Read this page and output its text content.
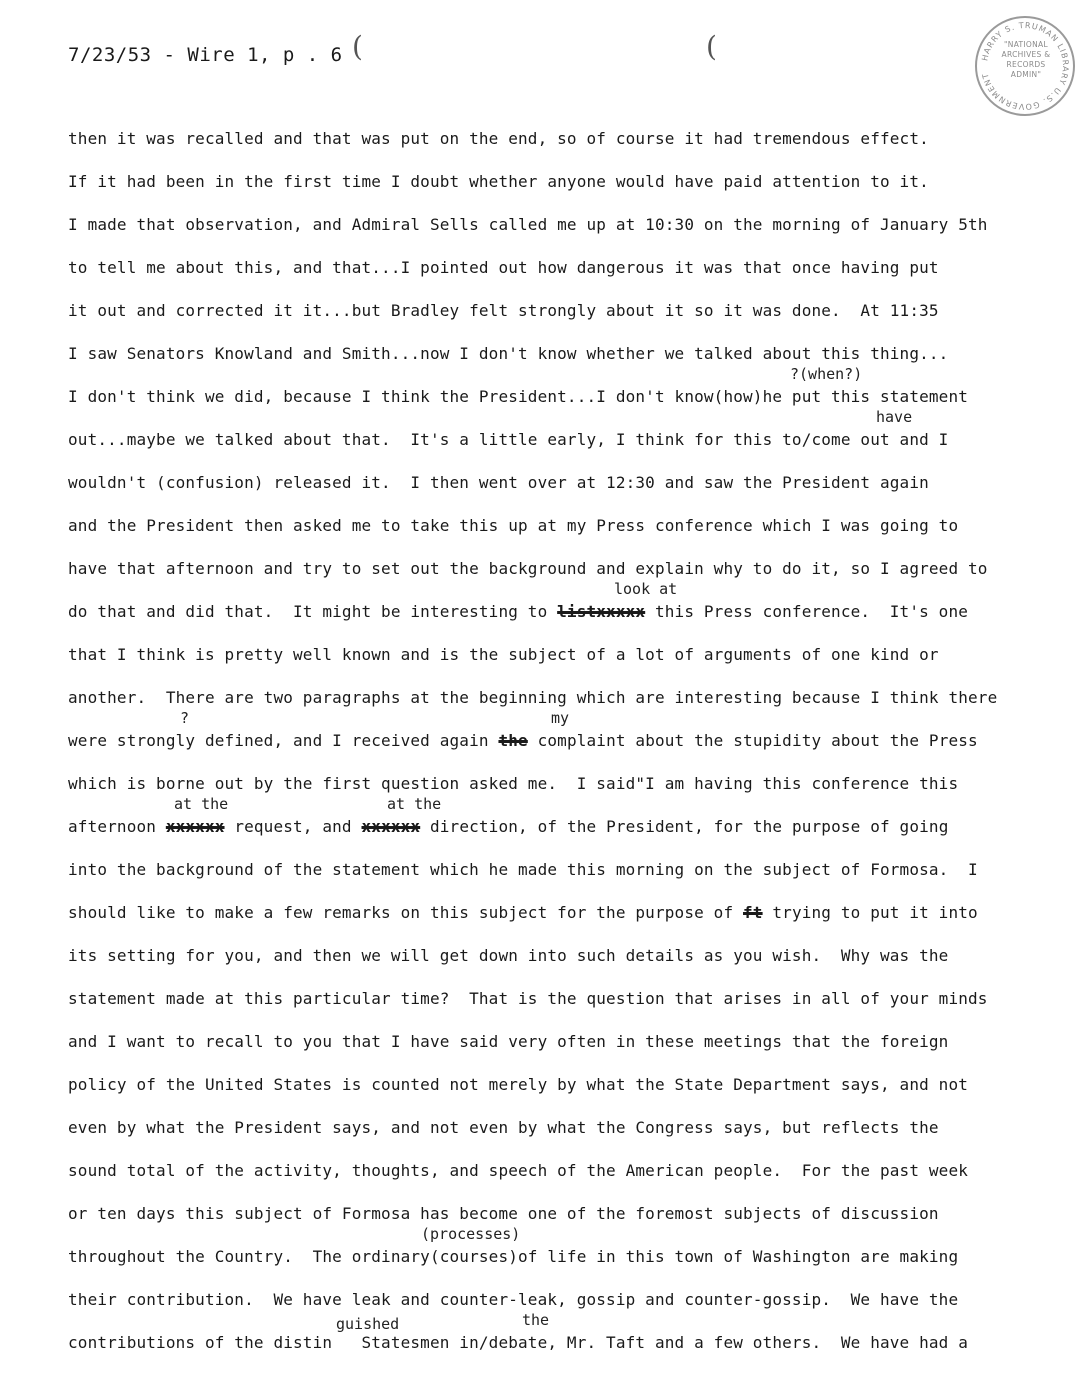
7/23/53 - Wire 1, p . 6 (	(	HARRY S. TRUMAN LIBRARY U.S. GOVERNMENT
"NATIONAL ARCHIVES & RECORDS ADMIN"
then it was recalled and that was put on the end, so of course it had tremendous effect.
If it had been in the first time I doubt whether anyone would have paid attention to it.
I made that observation, and Admiral Sells called me up at 10:30 on the morning of January 5th
to tell me about this, and that...I pointed out how dangerous it was that once having put
it out and corrected it it...but Bradley felt strongly about it so it was done.  At 11:35
I saw Senators Knowland and Smith...now I don't know whether we talked about this thing...
I don't think we did, because I think the President...I don't know(how)he put this statement
out...maybe we talked about that.  It's a little early, I think for this to/come out and I
wouldn't (confusion) released it.  I then went over at 12:30 and saw the President again
and the President then asked me to take this up at my Press conference which I was going to
have that afternoon and try to set out the background and explain why to do it, so I agreed to
do that and did that.  It might be interesting to listxxxxx this Press conference.  It's one
that I think is pretty well known and is the subject of a lot of arguments of one kind or
another.  There are two paragraphs at the beginning which are interesting because I think there
were strongly defined, and I received again the complaint about the stupidity about the Press
which is borne out by the first question asked me.  I said"I am having this conference this
afternoon xxxxxx request, and xxxxxx direction, of the President, for the purpose of going
into the background of the statement which he made this morning on the subject of Formosa.  I
should like to make a few remarks on this subject for the purpose of ft trying to put it into
its setting for you, and then we will get down into such details as you wish.  Why was the
statement made at this particular time?  That is the question that arises in all of your minds
and I want to recall to you that I have said very often in these meetings that the foreign
policy of the United States is counted not merely by what the State Department says, and not
even by what the President says, and not even by what the Congress says, but reflects the
sound total of the activity, thoughts, and speech of the American people.  For the past week
or ten days this subject of Formosa has become one of the foremost subjects of discussion
throughout the Country.  The ordinary(courses)of life in this town of Washington are making
their contribution.  We have leak and counter-leak, gossip and counter-gossip.  We have the
contributions of the distin   Statesmen in/debate, Mr. Taft and a few others.  We have had a
?(when?)
have
look at
?	my
at the	at the
(processes)
guished	the
